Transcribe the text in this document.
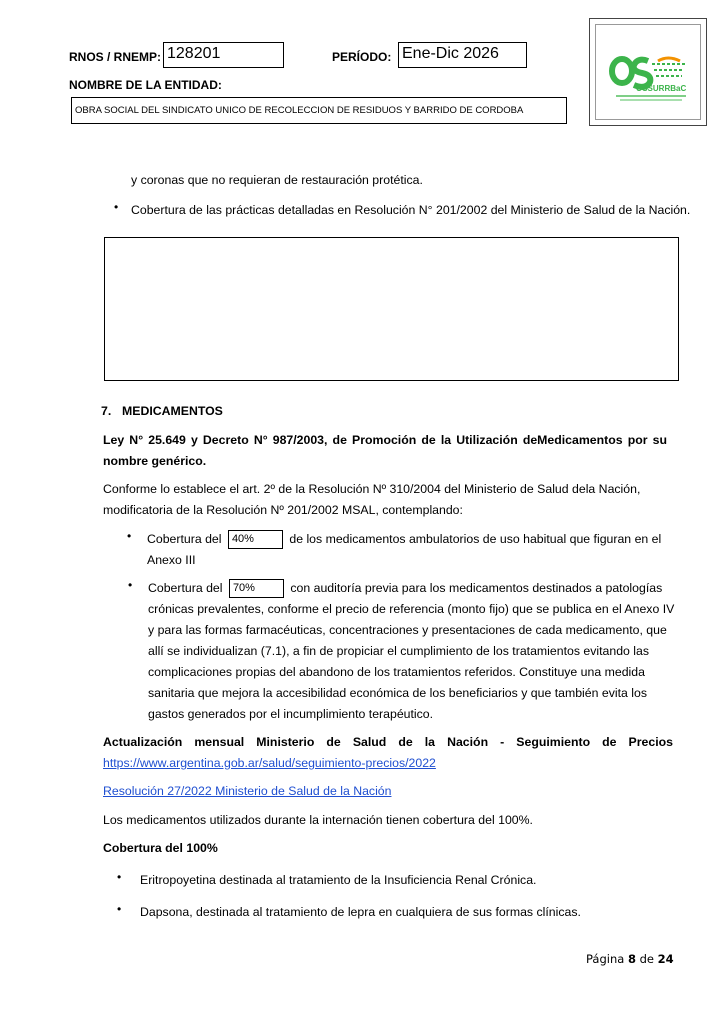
RNOS / RNEMP: 128201	PERÍODO: Ene-Dic 2026
NOMBRE DE LA ENTIDAD:
OBRA SOCIAL DEL SINDICATO UNICO DE RECOLECCION DE RESIDUOS Y BARRIDO DE CORDOBA
OSSURRBaC
y coronas que no requieran de restauración protética.
• Cobertura de las prácticas detalladas en Resolución N° 201/2002 del Ministerio de Salud de la Nación.
7. MEDICAMENTOS
Ley N° 25.649 y Decreto N° 987/2003, de Promoción de la Utilización deMedicamentos por su nombre genérico.
Conforme lo establece el art. 2º de la Resolución Nº 310/2004 del Ministerio de Salud dela Nación,
modificatoria de la Resolución Nº 201/2002 MSAL, contemplando:
• Cobertura del 40%	de los medicamentos ambulatorios de uso habitual que figuran en el
Anexo III
• Cobertura del 70%	con auditoría previa para los medicamentos destinados a patologías
crónicas prevalentes, conforme el precio de referencia (monto fijo) que se publica en el Anexo IV
y para las formas farmacéuticas, concentraciones y presentaciones de cada medicamento, que
allí se individualizan (7.1), a fin de propiciar el cumplimiento de los tratamientos evitando las
complicaciones propias del abandono de los tratamientos referidos. Constituye una medida
sanitaria que mejora la accesibilidad económica de los beneficiarios y que también evita los
gastos generados por el incumplimiento terapéutico.
Actualización mensual Ministerio de Salud de la Nación - Seguimiento de Precios
https://www.argentina.gob.ar/salud/seguimiento-precios/2022
Resolución 27/2022 Ministerio de Salud de la Nación
Los medicamentos utilizados durante la internación tienen cobertura del 100%.
Cobertura del 100%
• Eritropoyetina destinada al tratamiento de la Insuficiencia Renal Crónica.
• Dapsona, destinada al tratamiento de lepra en cualquiera de sus formas clínicas.
Página 8 de 24
